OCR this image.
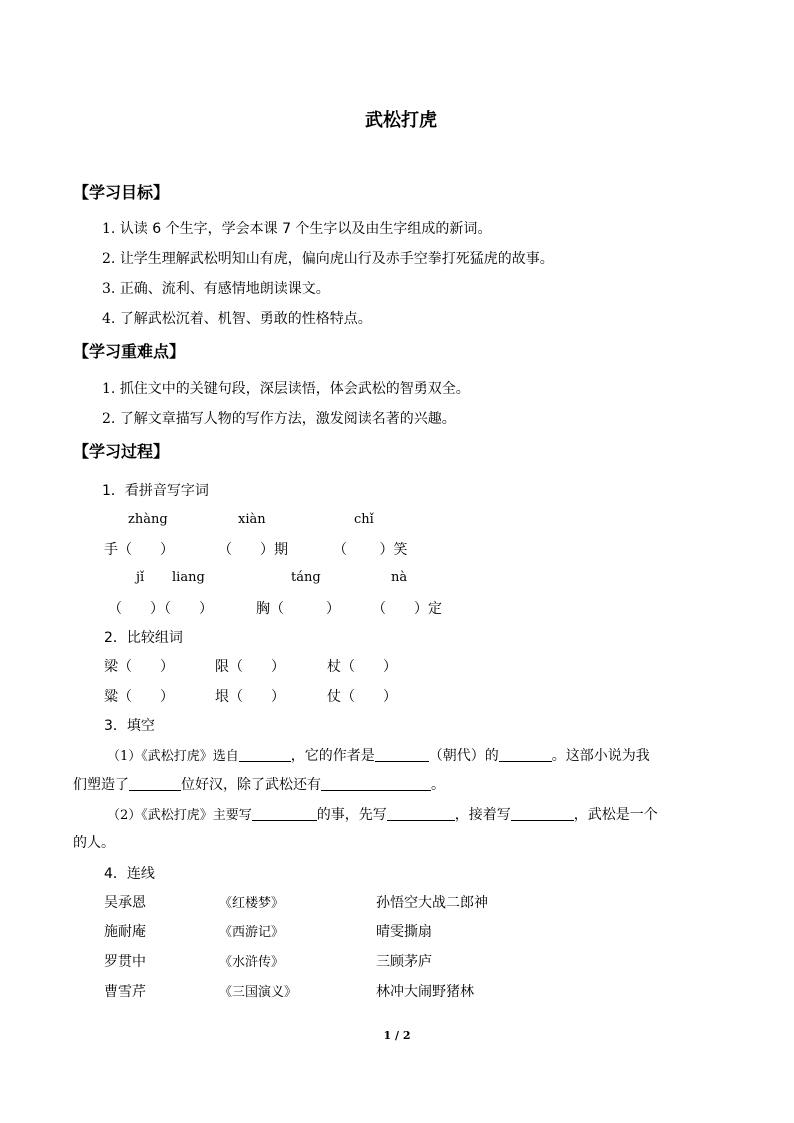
武松打虎
【学习目标】
1. 认读 6 个生字，学会本课 7 个生字以及由生字组成的新词。
2. 让学生理解武松明知山有虎，偏向虎山行及赤手空拳打死猛虎的故事。
3. 正确、流利、有感情地朗读课文。
4. 了解武松沉着、机智、勇敢的性格特点。
【学习重难点】
1. 抓住文中的关键句段，深层读悟，体会武松的智勇双全。
2. 了解文章描写人物的写作方法，激发阅读名著的兴趣。
【学习过程】
1．看拼音写字词
zhàng	xiàn	chǐ
手（　　）	（　　）期	（　　 ）笑
jǐ liang	táng	nà
（　　）（　　）	胸（　　　） （　　）定
2．比较组词
梁（　　）	限（　　）	杖（　　）
粱（　　）	垠（　　）	仗（　　）
3．填空
（1）《武松打虎》选自	，它的作者是	（朝代）的	。这部小说为我
们塑造了	位好汉，除了武松还有	。
（2）《武松打虎》主要写	的事，先写	，接着写	，武松是一个
的人。
4．连线
吴承恩	《红楼梦》	孙悟空大战二郎神
施耐庵	《西游记》	晴雯撕扇
罗贯中	《水浒传》	三顾茅庐
曹雪芹	《三国演义》	林冲大闹野猪林
1 / 2
